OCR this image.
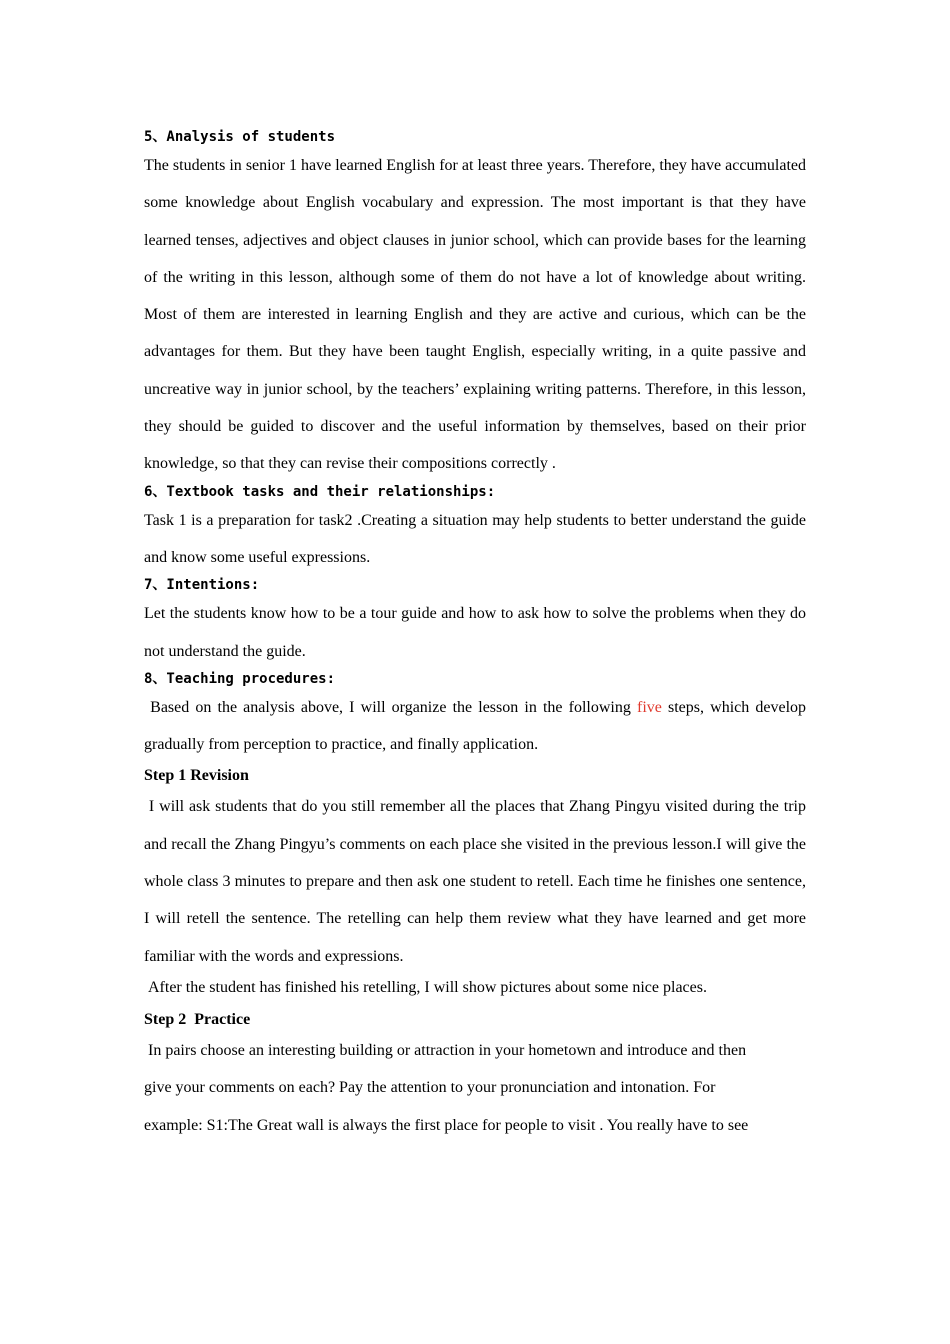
5、Analysis of students

The students in senior 1 have learned English for at least three years. Therefore, they have accumulated some knowledge about English vocabulary and expression. The most important is that they have learned tenses, adjectives and object clauses in junior school, which can provide bases for the learning of the writing in this lesson, although some of them do not have a lot of knowledge about writing. Most of them are interested in learning English and they are active and curious, which can be the advantages for them. But they have been taught English, especially writing, in a quite passive and uncreative way in junior school, by the teachers’ explaining writing patterns. Therefore, in this lesson, they should be guided to discover and the useful information by themselves, based on their prior knowledge, so that they can revise their compositions correctly .

6、Textbook tasks and their relationships:

Task 1 is a preparation for task2 .Creating a situation may help students to better understand the guide and know some useful expressions.

7、Intentions:

Let the students know how to be a tour guide and how to ask how to solve the problems when they do not understand the guide.

8、Teaching procedures:

Based on the analysis above, I will organize the lesson in the following five steps, which develop gradually from perception to practice, and finally application.

Step 1 Revision

I will ask students that do you still remember all the places that Zhang Pingyu visited during the trip and recall the Zhang Pingyu’s comments on each place she visited in the previous lesson.I will give the whole class 3 minutes to prepare and then ask one student to retell. Each time he finishes one sentence, I will retell the sentence. The retelling can help them review what they have learned and get more familiar with the words and expressions.

After the student has finished his retelling, I will show pictures about some nice places.
Step 2  Practice

In pairs choose an interesting building or attraction in your hometown and introduce and then give your comments on each? Pay the attention to your pronunciation and intonation. For example: S1:The Great wall is always the first place for people to visit . You really have to see
